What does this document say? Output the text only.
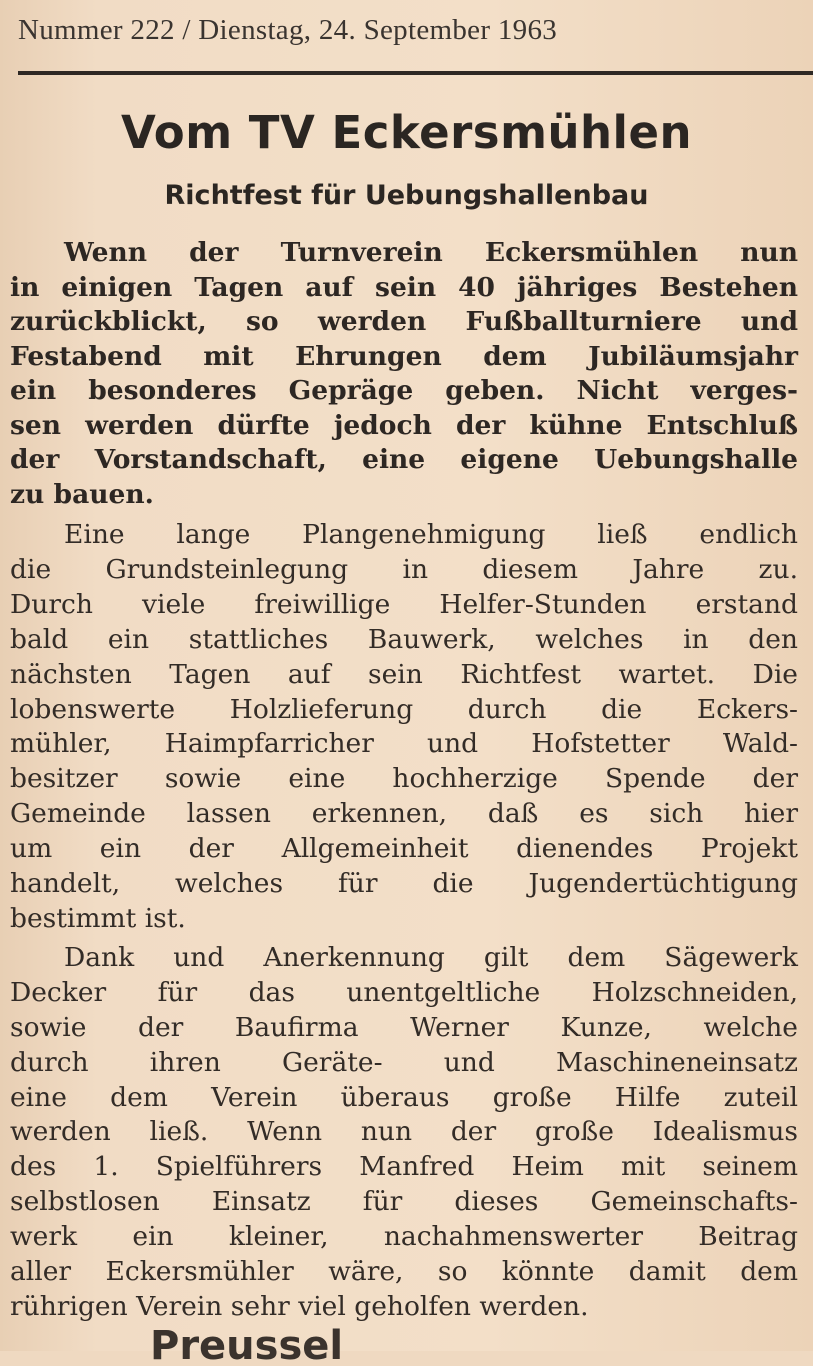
Nummer 222 / Dienstag, 24. September 1963
Vom TV Eckersmühlen
Richtfest für Uebungshallenbau

Wenn der Turnverein Eckersmühlen nun
in einigen Tagen auf sein 40 jähriges Bestehen
zurückblickt, so werden Fußballturniere und
Festabend mit Ehrungen dem Jubiläumsjahr
ein besonderes Gepräge geben. Nicht verges-
sen werden dürfte jedoch der kühne Entschluß
der Vorstandschaft, eine eigene Uebungshalle
zu bauen.

Eine lange Plangenehmigung ließ endlich
die Grundsteinlegung in diesem Jahre zu.
Durch viele freiwillige Helfer-Stunden erstand
bald ein stattliches Bauwerk, welches in den
nächsten Tagen auf sein Richtfest wartet. Die
lobenswerte Holzlieferung durch die Eckers-
mühler, Haimpfarricher und Hofstetter Wald-
besitzer sowie eine hochherzige Spende der
Gemeinde lassen erkennen, daß es sich hier
um ein der Allgemeinheit dienendes Projekt
handelt, welches für die Jugendertüchtigung
bestimmt ist.

Dank und Anerkennung gilt dem Sägewerk
Decker für das unentgeltliche Holzschneiden,
sowie der Baufirma Werner Kunze, welche
durch ihren Geräte- und Maschineneinsatz
eine dem Verein überaus große Hilfe zuteil
werden ließ. Wenn nun der große Idealismus
des 1. Spielführers Manfred Heim mit seinem
selbstlosen Einsatz für dieses Gemeinschafts-
werk ein kleiner, nachahmenswerter Beitrag
aller Eckersmühler wäre, so könnte damit dem
rührigen Verein sehr viel geholfen werden.

Preussel
